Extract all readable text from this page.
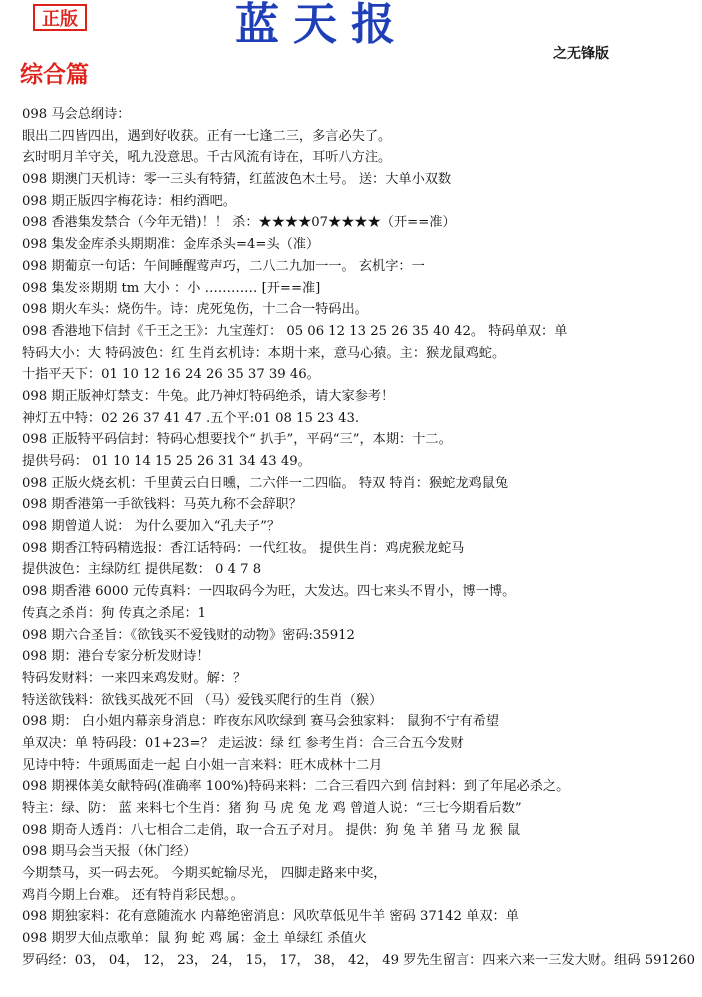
正版	蓝天报
之无锋版
综合篇
098 马会总纲诗：
眼出二四皆四出，遇到好收获。正有一七逢二三，多言必失了。
玄时明月羊守关，吼九没意思。千古风流有诗在，耳听八方注。
098 期澳门天机诗：零一三头有特猜，红蓝波色木土号。 送：大单小双数
098 期正版四字梅花诗：相约酒吧。
098 香港集发禁合（今年无错)！！ 杀：★★★★07★★★★（开==准）
098 集发金库杀头期期准：金库杀头=4=头（准）
098 期葡京一句话：午间睡醒莺声巧，二八二九加一一。 玄机字：一
098 集发※期期 tm 大小 ：小 ………… [开==准]
098 期火车头：烧伤牛。诗：虎死兔伤，十二合一特码出。
098 香港地下信封《千王之王》：九宝莲灯： 05 06 12 13 25 26 35 40 42。 特码单双：单
特码大小：大 特码波色：红 生肖玄机诗：本期十来，意马心猿。主：猴龙鼠鸡蛇。
十指平天下：01 10 12 16 24 26 35 37 39 46。
098 期正版神灯禁支：牛兔。此乃神灯特码绝杀，请大家参考！
神灯五中特：02 26 37 41 47 .五个平:01 08 15 23 43.
098 正版特平码信封：特码心想要找个“ 扒手”，平码“三”，本期：十二。
提供号码： 01 10 14 15 25 26 31 34 43 49。
098 正版火烧玄机：千里黄云白日曛，二六伴一二四临。 特双 特肖：猴蛇龙鸡鼠兔
098 期香港第一手欲钱料：马英九称不会辞职？
098 期曾道人说： 为什么要加入“孔夫子”？
098 期香江特码精选报：香江话特码：一代红妆。 提供生肖：鸡虎猴龙蛇马
提供波色：主绿防红 提供尾数： 0 4 7 8
098 期香港 6000 元传真料：一四取码今为旺，大发达。四七来头不胃小，博一博。
传真之杀肖：狗 传真之杀尾：1
098 期六合圣旨：《欲钱买不爱钱财的动物》密码:35912
098 期：港台专家分析发财诗！
特码发财料：一来四来鸡发财。解：？
特送欲钱料：欲钱买战死不回 （马）爱钱买爬行的生肖（猴）
098 期： 白小姐内幕亲身消息：昨夜东风吹绿到 赛马会独家料： 鼠狗不宁有希望
单双决：单 特码段：01+23=？ 走运波：绿 红 参考生肖：合三合五今发财
见诗中特：牛頭馬面走一起 白小姐一言来料：旺木成林十二月
098 期裸体美女献特码(准确率 100%)特码来料：二合三看四六到 信封料：到了年尾必杀之。
特主：绿、防： 蓝 来料七个生肖：猪 狗 马 虎 兔 龙 鸡 曾道人说：“三七今期看后数”
098 期奇人透肖：八七相合二走俏，取一合五子对月。 提供：狗 兔 羊 猪 马 龙 猴 鼠
098 期马会当天报（休门经）
今期禁马，买一码去死。 今期买蛇输尽光， 四脚走路来中奖，
鸡肖今期上台难。 还有特肖彩民想。。
098 期独家料：花有意随流水 内幕绝密消息：风吹草低见牛羊 密码 37142 单双：单
098 期罗大仙点歌单：鼠 狗 蛇 鸡 属：金土 单绿红 杀值火
罗码经：03， 04， 12， 23， 24， 15， 17， 38， 42， 49 罗先生留言：四来六来一三发大财。组码 591260
